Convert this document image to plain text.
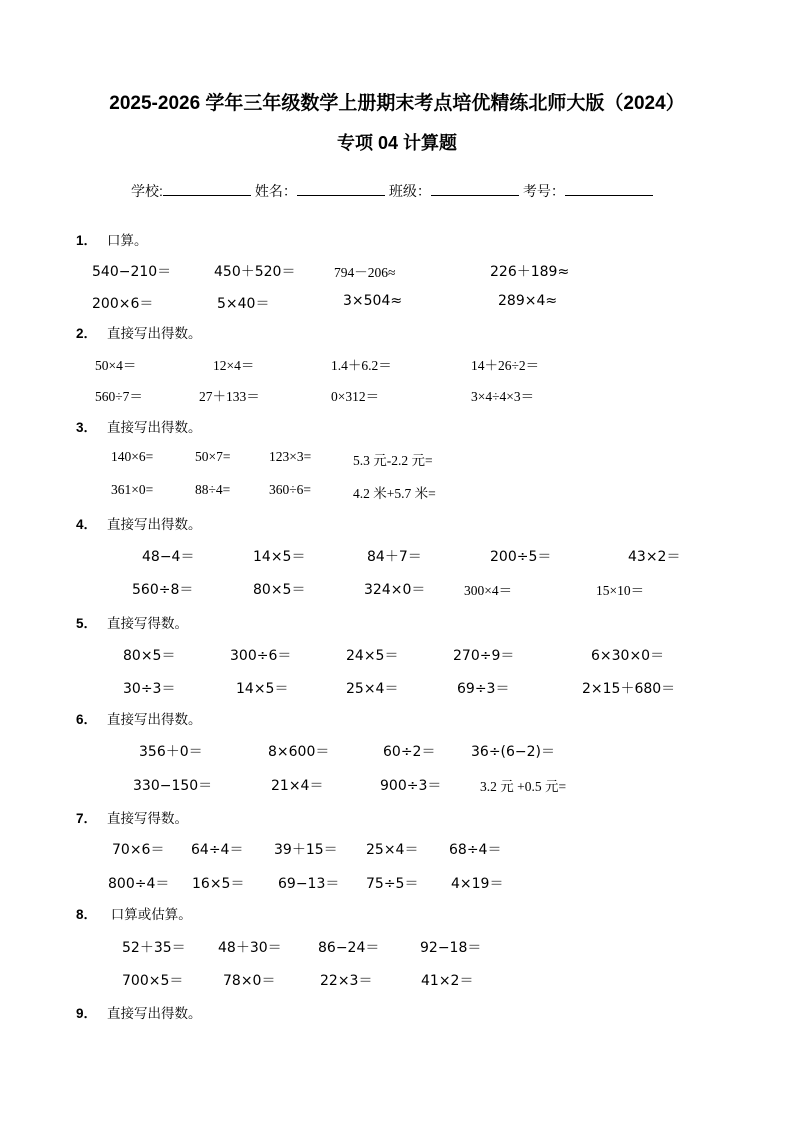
2025-2026 学年三年级数学上册期末考点培优精练北师大版（2024）
专项 04 计算题
学校:	姓名：	班级：	考号：
1． 口算。
540−210＝	450＋520＝	794－206≈	226＋189≈
200×6＝	5×40＝	3×504≈	289×4≈
2． 直接写出得数。
50×4＝	12×4＝	1.4＋6.2＝	14＋26÷2＝
560÷7＝	27＋133＝	0×312＝	3×4÷4×3＝
3． 直接写出得数。
140×6=	50×7=	123×3=	5.3 元-2.2 元=
361×0=	88÷4=	360÷6=	4.2 米+5.7 米=
4． 直接写出得数。
48−4＝	14×5＝	84＋7＝	200÷5＝	43×2＝
560÷8＝	80×5＝	324×0＝	300×4＝	15×10＝
5． 直接写得数。
80×5＝	300÷6＝	24×5＝	270÷9＝	6×30×0＝
30÷3＝	14×5＝	25×4＝	69÷3＝	2×15＋680＝
6． 直接写出得数。
356＋0＝	8×600＝	60÷2＝	36÷(6−2)＝
330−150＝	21×4＝	900÷3＝	3.2 元 +0.5 元=
7． 直接写得数。
70×6＝ 64÷4＝ 39＋15＝ 25×4＝ 68÷4＝
800÷4＝ 16×5＝ 69−13＝ 75÷5＝ 4×19＝
8． 口算或估算。
52＋35＝ 48＋30＝	86−24＝	92−18＝
700×5＝	78×0＝	22×3＝	41×2＝
9． 直接写出得数。
